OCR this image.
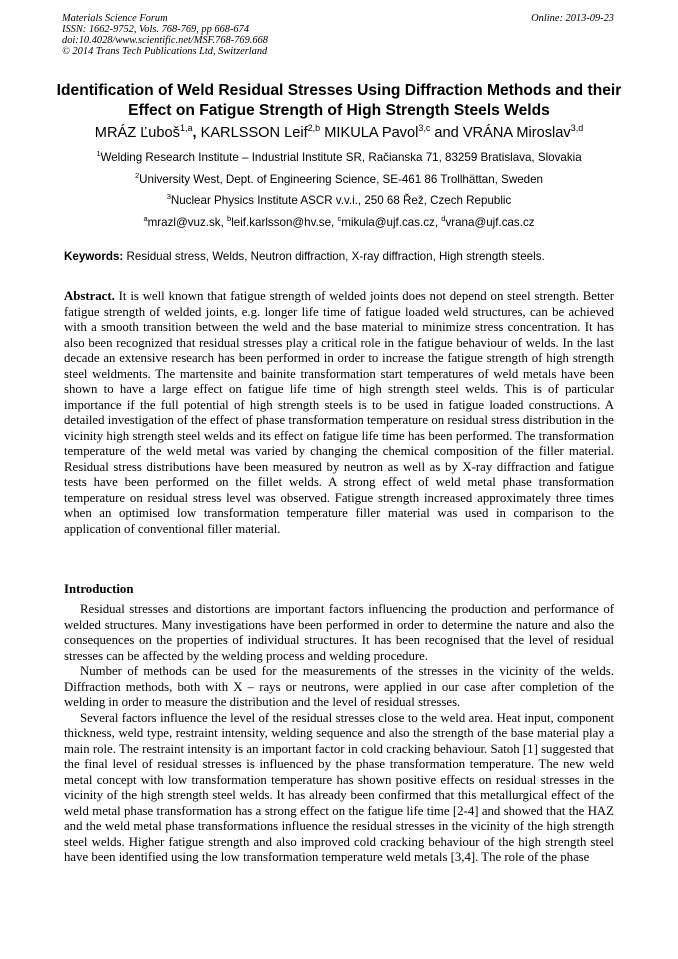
Materials Science Forum
ISSN: 1662-9752, Vols. 768-769, pp 668-674
doi:10.4028/www.scientific.net/MSF.768-769.668
© 2014 Trans Tech Publications Ltd, Switzerland
Online: 2013-09-23
Identification of Weld Residual Stresses Using Diffraction Methods and their Effect on Fatigue Strength of High Strength Steels Welds
MRÁZ Ľuboš$^{1,a}$, KARLSSON Leif$^{2,b}$ MIKULA Pavol$^{3,c}$ and VRÁNA Miroslav$^{3,d}$
$^1$Welding Research Institute – Industrial Institute SR, Račianska 71, 83259 Bratislava, Slovakia
$^2$University West, Dept. of Engineering Science, SE-461 86 Trollhättan, Sweden
$^3$Nuclear Physics Institute ASCR v.v.i., 250 68 Řež, Czech Republic
$^a$mrazl@vuz.sk, $^b$leif.karlsson@hv.se, $^c$mikula@ujf.cas.cz, $^d$vrana@ujf.cas.cz
Keywords: Residual stress, Welds, Neutron diffraction, X-ray diffraction, High strength steels.
Abstract. It is well known that fatigue strength of welded joints does not depend on steel strength. Better fatigue strength of welded joints, e.g. longer life time of fatigue loaded weld structures, can be achieved with a smooth transition between the weld and the base material to minimize stress concentration. It has also been recognized that residual stresses play a critical role in the fatigue behaviour of welds. In the last decade an extensive research has been performed in order to increase the fatigue strength of high strength steel weldments. The martensite and bainite transformation start temperatures of weld metals have been shown to have a large effect on fatigue life time of high strength steel welds. This is of particular importance if the full potential of high strength steels is to be used in fatigue loaded constructions. A detailed investigation of the effect of phase transformation temperature on residual stress distribution in the vicinity high strength steel welds and its effect on fatigue life time has been performed. The transformation temperature of the weld metal was varied by changing the chemical composition of the filler material. Residual stress distributions have been measured by neutron as well as by X-ray diffraction and fatigue tests have been performed on the fillet welds. A strong effect of weld metal phase transformation temperature on residual stress level was observed. Fatigue strength increased approximately three times when an optimised low transformation temperature filler material was used in comparison to the application of conventional filler material.
Introduction

Residual stresses and distortions are important factors influencing the production and performance of welded structures. Many investigations have been performed in order to determine the nature and also the consequences on the properties of individual structures. It has been recognised that the level of residual stresses can be affected by the welding process and welding procedure.

Number of methods can be used for the measurements of the stresses in the vicinity of the welds. Diffraction methods, both with X – rays or neutrons, were applied in our case after completion of the welding in order to measure the distribution and the level of residual stresses.

Several factors influence the level of the residual stresses close to the weld area. Heat input, component thickness, weld type, restraint intensity, welding sequence and also the strength of the base material play a main role. The restraint intensity is an important factor in cold cracking behaviour. Satoh [1] suggested that the final level of residual stresses is influenced by the phase transformation temperature. The new weld metal concept with low transformation temperature has shown positive effects on residual stresses in the vicinity of the high strength steel welds. It has already been confirmed that this metallurgical effect of the weld metal phase transformation has a strong effect on the fatigue life time [2-4] and showed that the HAZ and the weld metal phase transformations influence the residual stresses in the vicinity of the high strength steel welds. Higher fatigue strength and also improved cold cracking behaviour of the high strength steel have been identified using the low transformation temperature weld metals [3,4]. The role of the phase
